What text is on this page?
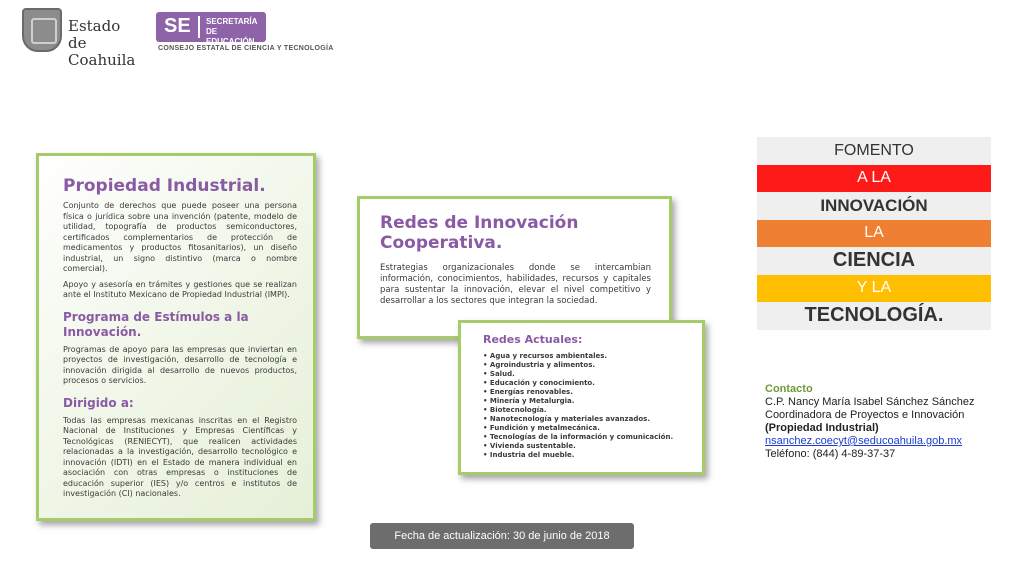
Estado
de Coahuila
SE SECRETARÍA
DE EDUCACIÓN
CONSEJO ESTATAL DE CIENCIA Y TECNOLOGÍA
Propiedad Industrial.

Conjunto de derechos que puede poseer una persona física o jurídica sobre una invención (patente, modelo de utilidad, topografía de productos semiconductores, certificados complementarios de protección de medicamentos y productos fitosanitarios), un diseño industrial, un signo distintivo (marca o nombre comercial).

Apoyo y asesoría en trámites y gestiones que se realizan ante el Instituto Mexicano de Propiedad Industrial (IMPI).

Programa de Estímulos a la Innovación.

Programas de apoyo para las empresas que inviertan en proyectos de investigación, desarrollo de tecnología e innovación dirigida al desarrollo de nuevos productos, procesos o servicios.

Dirigido a:

Todas las empresas mexicanas inscritas en el Registro Nacional de Instituciones y Empresas Científicas y Tecnológicas (RENIECYT), que realicen actividades relacionadas a la investigación, desarrollo tecnológico e innovación (IDTI) en el Estado de manera individual en asociación con otras empresas o instituciones de educación superior (IES) y/o centros e institutos de investigación (CI) nacionales.

Redes de Innovación Cooperativa.

Estrategias organizacionales donde se intercambian información, conocimientos, habilidades, recursos y capitales para sustentar la innovación, elevar el nivel competitivo y desarrollar a los sectores que integran la sociedad.

Redes Actuales:
• Agua y recursos ambientales.
• Agroindustria y alimentos.
• Salud.
• Educación y conocimiento.
• Energías renovables.
• Minería y Metalurgia.
• Biotecnología.
• Nanotecnología y materiales avanzados.
• Fundición y metalmecánica.
• Tecnologías de la información y comunicación.
• Vivienda sustentable.
• Industria del mueble.
FOMENTO
A LA
INNOVACIÓN
LA
CIENCIA
Y LA
TECNOLOGÍA.
Contacto
C.P. Nancy María Isabel Sánchez Sánchez
Coordinadora de Proyectos e Innovación
(Propiedad Industrial)
nsanchez.coecyt@seducoahuila.gob.mx
Teléfono: (844) 4-89-37-37
Fecha de actualización: 30 de junio de 2018
